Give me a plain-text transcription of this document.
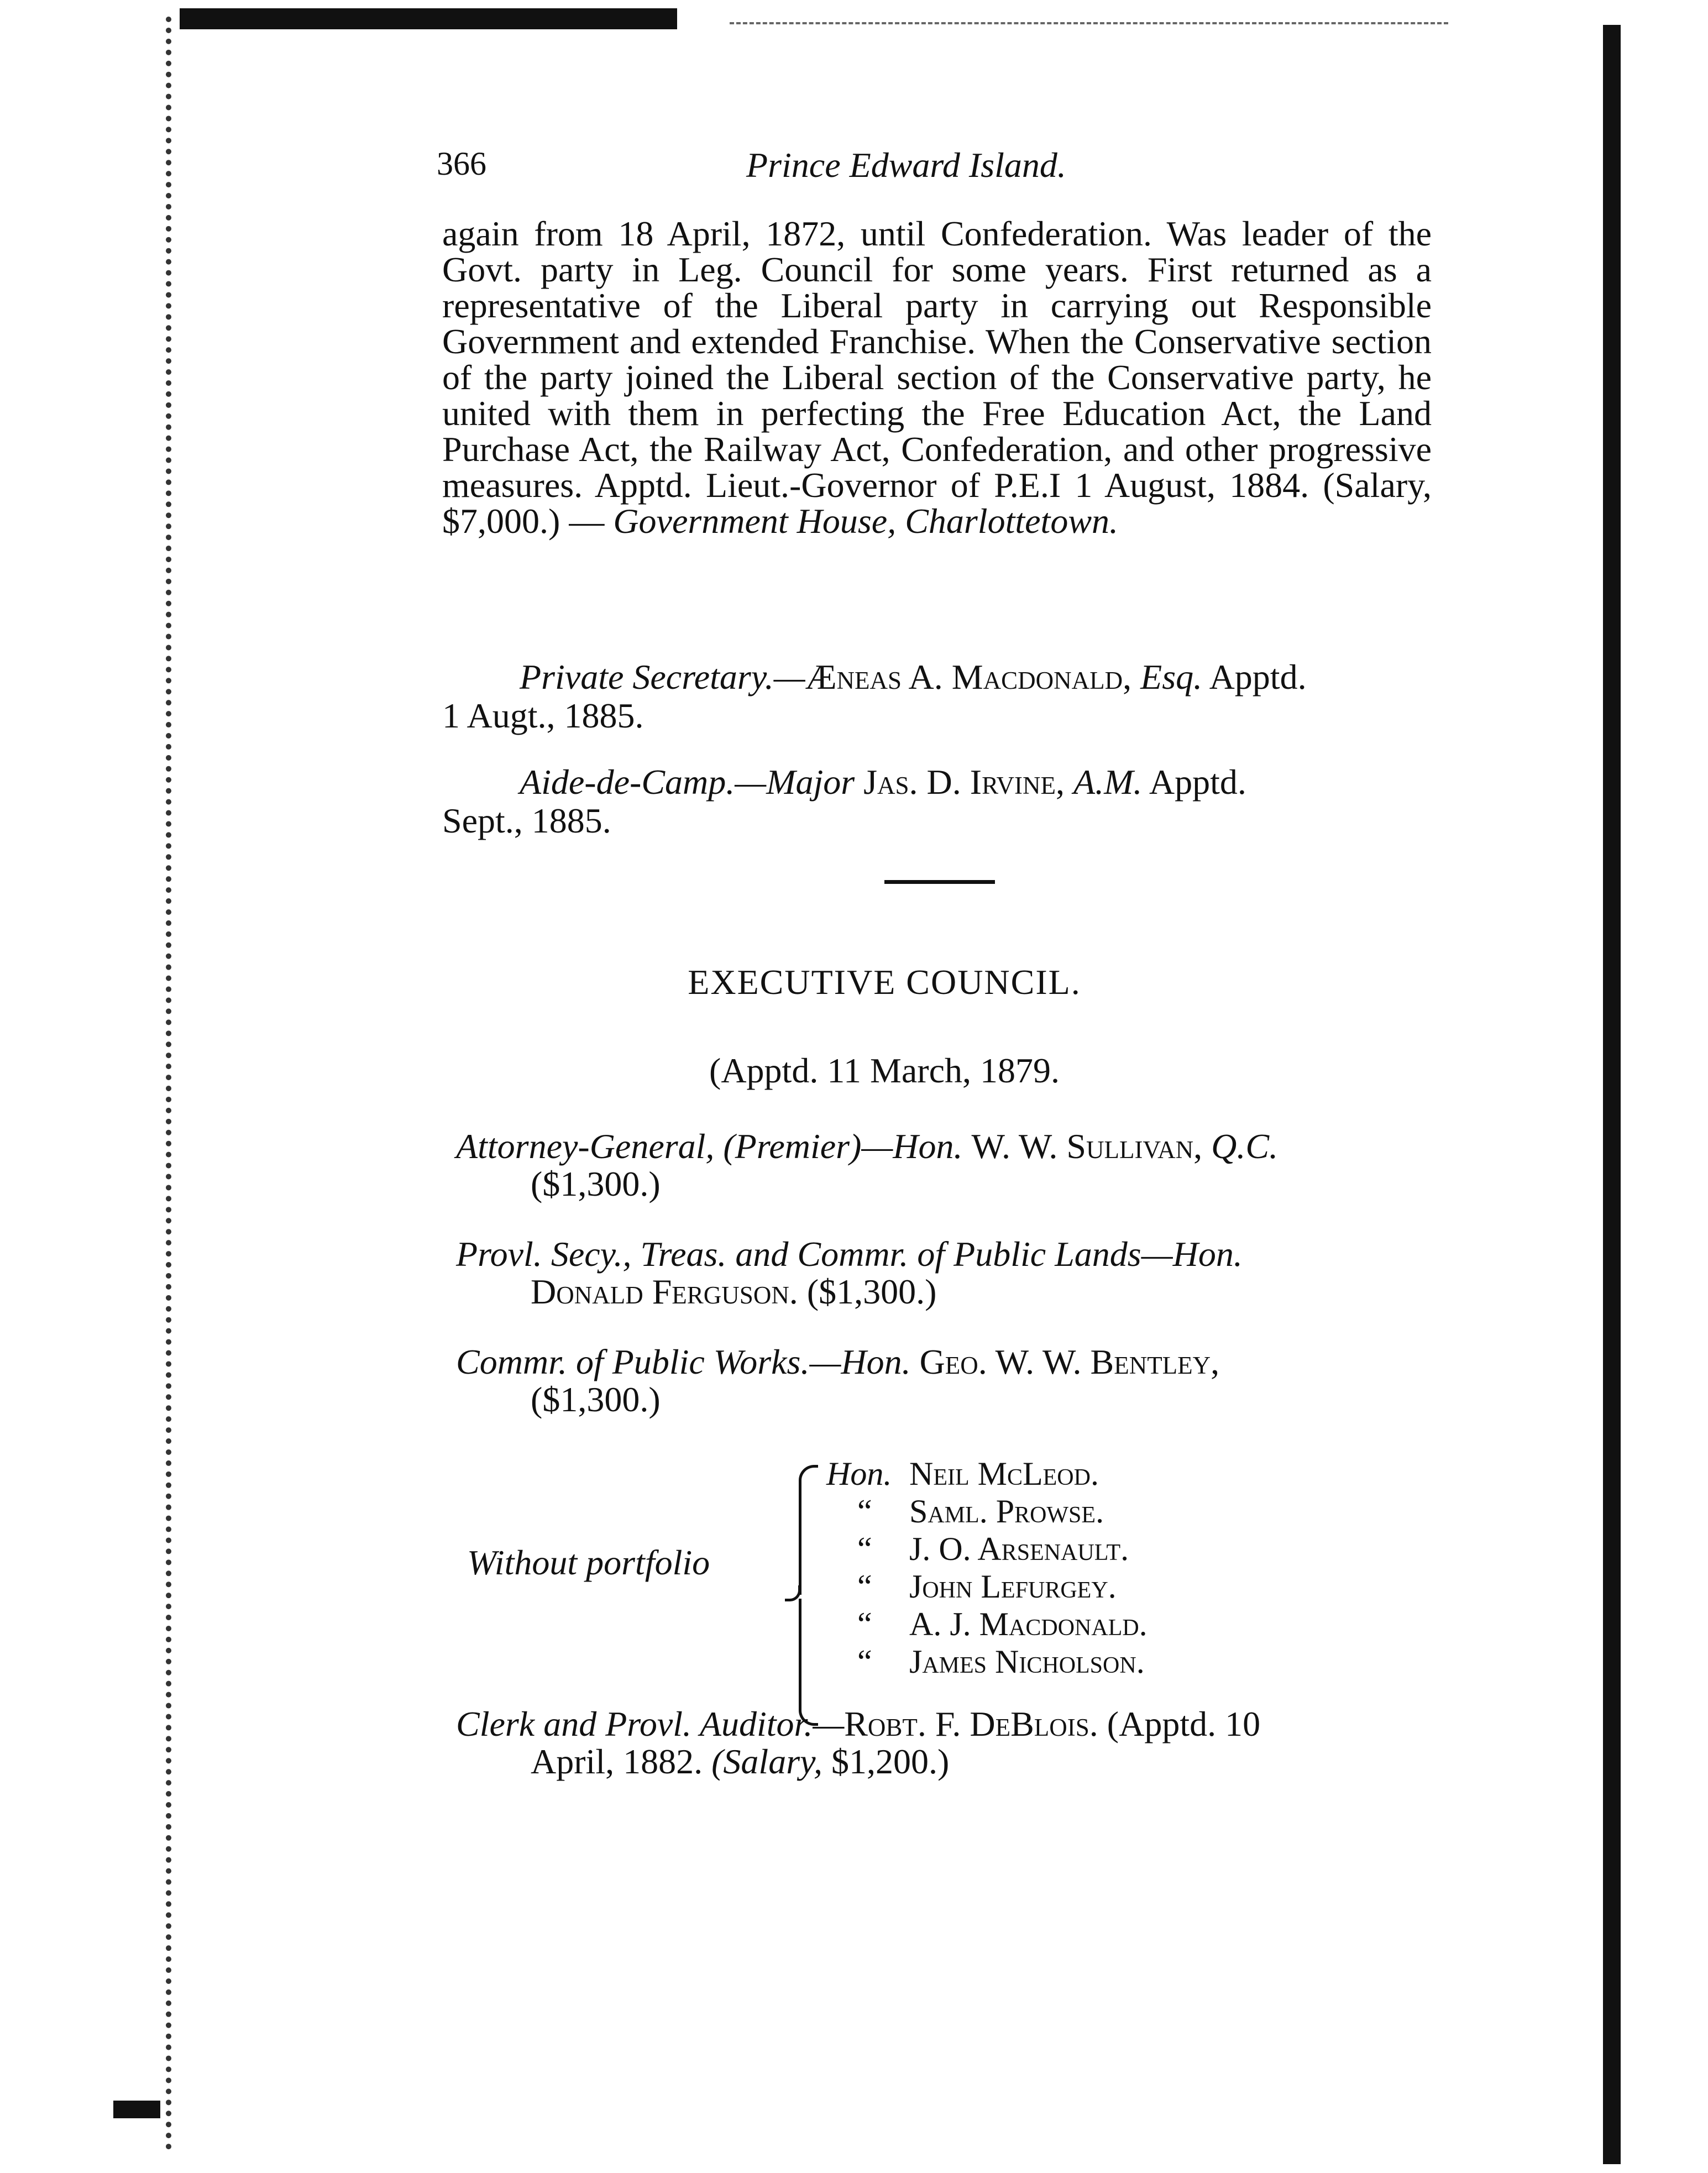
366	Prince Edward Island.
again from 18 April, 1872, until Confederation. Was leader of the Govt. party in Leg. Council for some years. First returned as a representative of the Liberal party in carrying out Responsible Government and extended Franchise. When the Conservative section of the party joined the Liberal section of the Conservative party, he united with them in perfecting the Free Education Act, the Land Purchase Act, the Railway Act, Confederation, and other progressive measures. Apptd. Lieut.-Governor of P.E.I 1 August, 1884. (Salary, $7,000.) — Government House, Charlottetown.
Private Secretary.—Æneas A. Macdonald, Esq. Apptd.
1 Augt., 1885.
Aide-de-Camp.—Major Jas. D. Irvine, A.M. Apptd.
Sept., 1885.
EXECUTIVE COUNCIL.
(Apptd. 11 March, 1879.
Attorney-General, (Premier)—Hon. W. W. Sullivan, Q.C.
($1,300.)
Provl. Secy., Treas. and Commr. of Public Lands—Hon.
Donald Ferguson. ($1,300.)
Commr. of Public Works.—Hon. Geo. W. W. Bentley,
($1,300.)
Without portfolio
Hon. Neil McLeod.
“ Saml. Prowse.
“ J. O. Arsenault.
“ John Lefurgey.
“ A. J. Macdonald.
“ James Nicholson.
Clerk and Provl. Auditor.—Robt. F. DeBlois. (Apptd. 10
April, 1882. (Salary, $1,200.)
